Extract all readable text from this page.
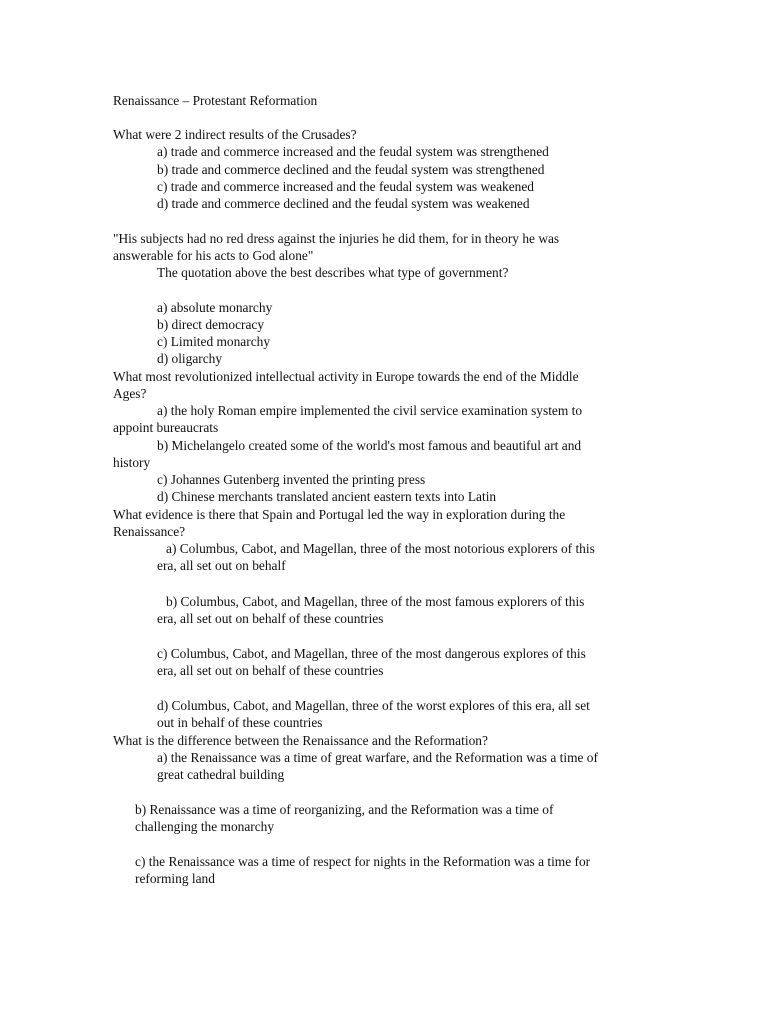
Renaissance – Protestant Reformation

What were 2 indirect results of the Crusades?

a) trade and commerce increased and the feudal system was strengthened

b) trade and commerce declined and the feudal system was strengthened

c) trade and commerce increased and the feudal system was weakened

d) trade and commerce declined and the feudal system was weakened

"His subjects had no red dress against the injuries he did them, for in theory he was

answerable for his acts to God alone"

The quotation above the best describes what type of government?

a) absolute monarchy

b) direct democracy

c) Limited monarchy

d) oligarchy

What most revolutionized intellectual activity in Europe towards the end of the Middle

Ages?

a) the holy Roman empire implemented the civil service examination system to

appoint bureaucrats

b) Michelangelo created some of the world's most famous and beautiful art and

history

c) Johannes Gutenberg invented the printing press

d) Chinese merchants translated ancient eastern texts into Latin

What evidence is there that Spain and Portugal led the way in exploration during the

Renaissance?

a) Columbus, Cabot, and Magellan, three of the most notorious explorers of this

era, all set out on behalf

b) Columbus, Cabot, and Magellan, three of the most famous explorers of this

era, all set out on behalf of these countries

c) Columbus, Cabot, and Magellan, three of the most dangerous explores of this

era, all set out on behalf of these countries

d) Columbus, Cabot, and Magellan, three of the worst explores of this era, all set

out in behalf of these countries

What is the difference between the Renaissance and the Reformation?

a) the Renaissance was a time of great warfare, and the Reformation was a time of

great cathedral building

b) Renaissance was a time of reorganizing, and the Reformation was a time of

challenging the monarchy

c) the Renaissance was a time of respect for nights in the Reformation was a time for

reforming land
